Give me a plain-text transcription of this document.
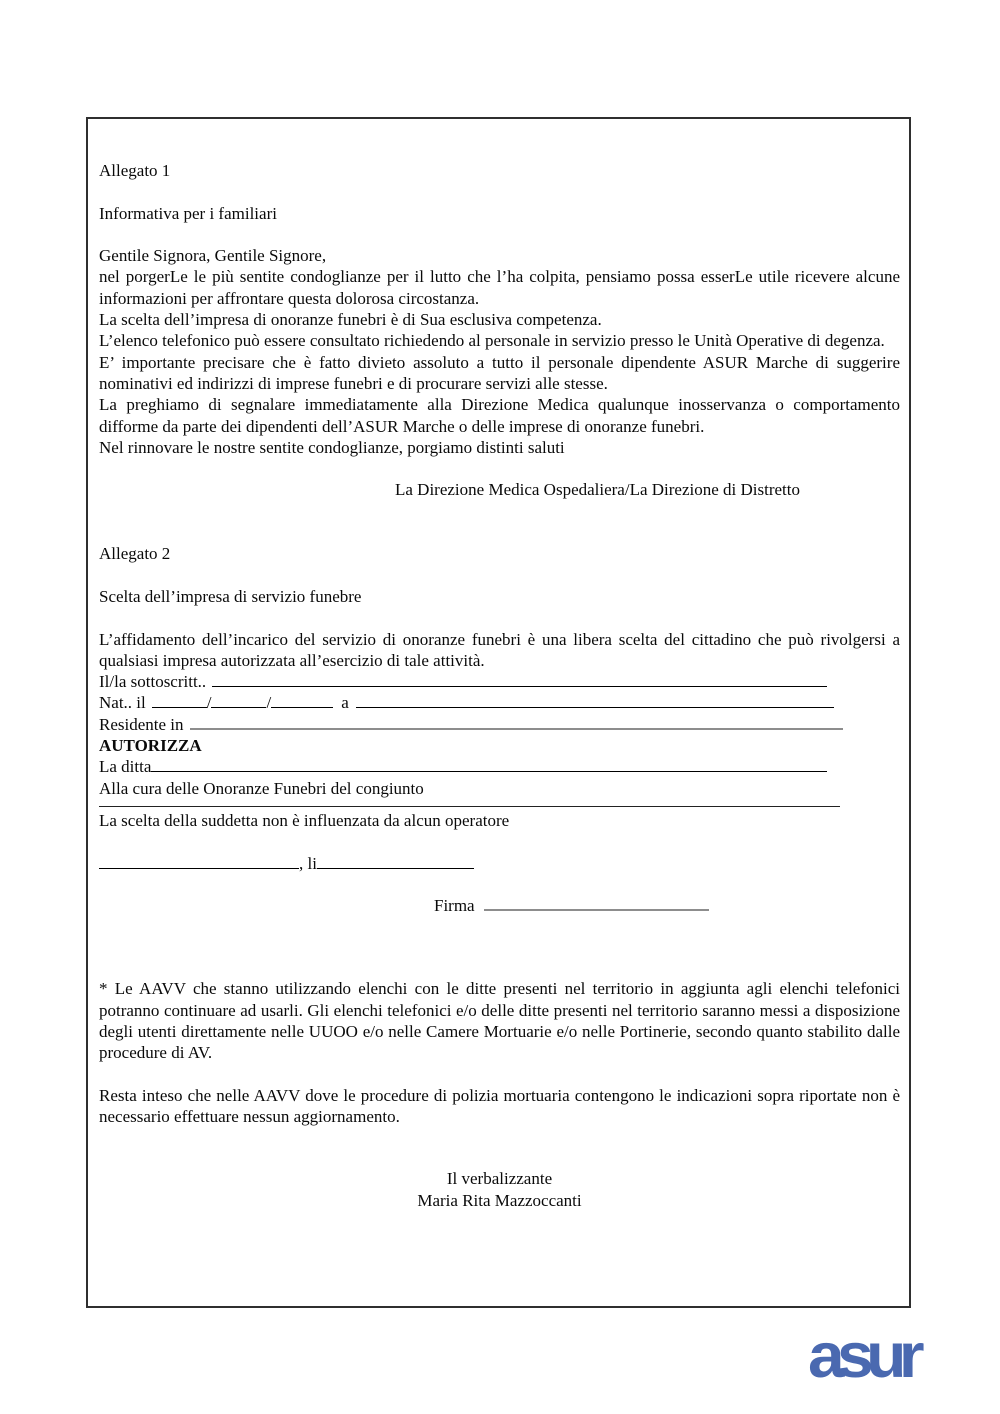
Allegato 1

Informativa per i familiari

Gentile Signora, Gentile Signore,

nel porgerLe le più sentite condoglianze per il lutto che l’ha colpita, pensiamo possa esserLe utile ricevere alcune informazioni per affrontare questa dolorosa circostanza.

La scelta dell’impresa di onoranze funebri è di Sua esclusiva competenza.

L’elenco telefonico può essere consultato richiedendo al personale in servizio presso le Unità Operative di degenza.

E’ importante precisare che è fatto divieto assoluto a tutto il personale dipendente ASUR Marche di suggerire nominativi ed indirizzi di imprese funebri e di procurare servizi alle stesse.

La preghiamo di segnalare immediatamente alla Direzione Medica qualunque inosservanza o comportamento difforme da parte dei dipendenti dell’ASUR Marche o delle imprese di onoranze funebri.

Nel rinnovare le nostre sentite condoglianze, porgiamo distinti saluti

La Direzione Medica Ospedaliera/La Direzione di Distretto

Allegato 2

Scelta dell’impresa di servizio funebre

L’affidamento dell’incarico del servizio di onoranze funebri è una libera scelta del cittadino che può rivolgersi a qualsiasi impresa autorizzata all’esercizio di tale attività.

Il/la sottoscritt..
Nat.. il	/	/	a
Residente in

AUTORIZZA

La ditta

Alla cura delle Onoranze Funebri del congiunto

La scelta della suddetta non è influenzata da alcun operatore

, li
Firma

* Le AAVV che stanno utilizzando elenchi con le ditte presenti nel territorio in aggiunta agli elenchi telefonici potranno continuare ad usarli. Gli elenchi telefonici e/o delle ditte presenti nel territorio saranno messi a disposizione degli utenti direttamente nelle UUOO e/o nelle Camere Mortuarie e/o nelle Portinerie, secondo quanto stabilito dalle procedure di AV.

Resta inteso che nelle AAVV dove le procedure di polizia mortuaria contengono le indicazioni sopra riportate non è necessario effettuare nessun aggiornamento.

Il verbalizzante

Maria Rita Mazzoccanti

asur
